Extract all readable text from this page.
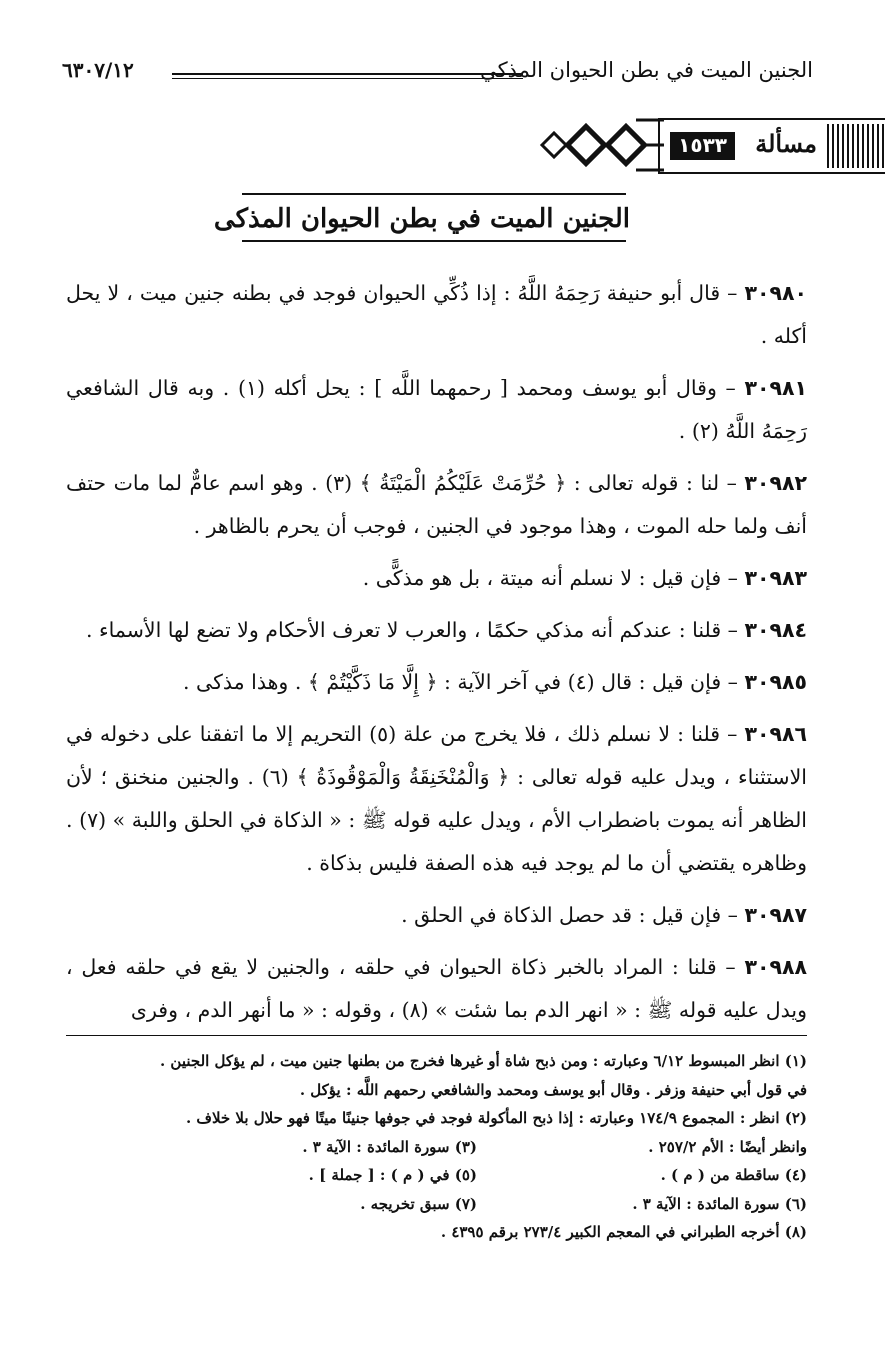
الجنين الميت في بطن الحيوان المذكي
٦٣٠٧/١٢
مسألة
١٥٣٣
الجنين الميت في بطن الحيوان المذكى

٣٠٩٨٠ – قال أبو حنيفة رَحِمَهُ اللَّهُ : إذا ذُكِّي الحيوان فوجد في بطنه جنين ميت ، لا يحل أكله .

٣٠٩٨١ – وقال أبو يوسف ومحمد [ رحمهما اللَّه ] : يحل أكله (١) . وبه قال الشافعي رَحِمَهُ اللَّهُ (٢) .

٣٠٩٨٢ – لنا : قوله تعالى : ﴿ حُرِّمَتْ عَلَيْكُمُ الْمَيْتَةُ ﴾ (٣) . وهو اسم عامٌّ لما مات حتف أنف ولما حله الموت ، وهذا موجود في الجنين ، فوجب أن يحرم بالظاهر .

٣٠٩٨٣ – فإن قيل : لا نسلم أنه ميتة ، بل هو مذكًّى .

٣٠٩٨٤ – قلنا : عندكم أنه مذكي حكمًا ، والعرب لا تعرف الأحكام ولا تضع لها الأسماء .

٣٠٩٨٥ – فإن قيل : قال (٤) في آخر الآية : ﴿ إِلَّا مَا ذَكَّيْتُمْ ﴾ . وهذا مذكى .

٣٠٩٨٦ – قلنا : لا نسلم ذلك ، فلا يخرج من علة (٥) التحريم إلا ما اتفقنا على دخوله في الاستثناء ، ويدل عليه قوله تعالى : ﴿ وَالْمُنْخَنِقَةُ وَالْمَوْقُوذَةُ ﴾ (٦) . والجنين منخنق ؛ لأن الظاهر أنه يموت باضطراب الأم ، ويدل عليه قوله ﷺ : « الذكاة في الحلق واللبة » (٧) . وظاهره يقتضي أن ما لم يوجد فيه هذه الصفة فليس بذكاة .

٣٠٩٨٧ – فإن قيل : قد حصل الذكاة في الحلق .

٣٠٩٨٨ – قلنا : المراد بالخبر ذكاة الحيوان في حلقه ، والجنين لا يقع في حلقه فعل ، ويدل عليه قوله ﷺ : « انهر الدم بما شئت » (٨) ، وقوله : « ما أنهر الدم ، وفرى

(١) انظر المبسوط ٦/١٢ وعبارته : ومن ذبح شاة أو غيرها فخرج من بطنها جنين ميت ، لم يؤكل الجنين .
في قول أبي حنيفة وزفر . وقال أبو يوسف ومحمد والشافعي رحمهم اللَّه : يؤكل .
(٢) انظر : المجموع ١٧٤/٩ وعبارته : إذا ذبح المأكولة فوجد في جوفها جنينًا ميتًا فهو حلال بلا خلاف .
وانظر أيضًا : الأم ٢٥٧/٢ .
(٣) سورة المائدة : الآية ٣ .
(٤) ساقطة من ( م ) .
(٥) في ( م ) : [ جملة ] .
(٦) سورة المائدة : الآية ٣ .
(٧) سبق تخريجه .
(٨) أخرجه الطبراني في المعجم الكبير ٢٧٣/٤ برقم ٤٣٩٥ .
